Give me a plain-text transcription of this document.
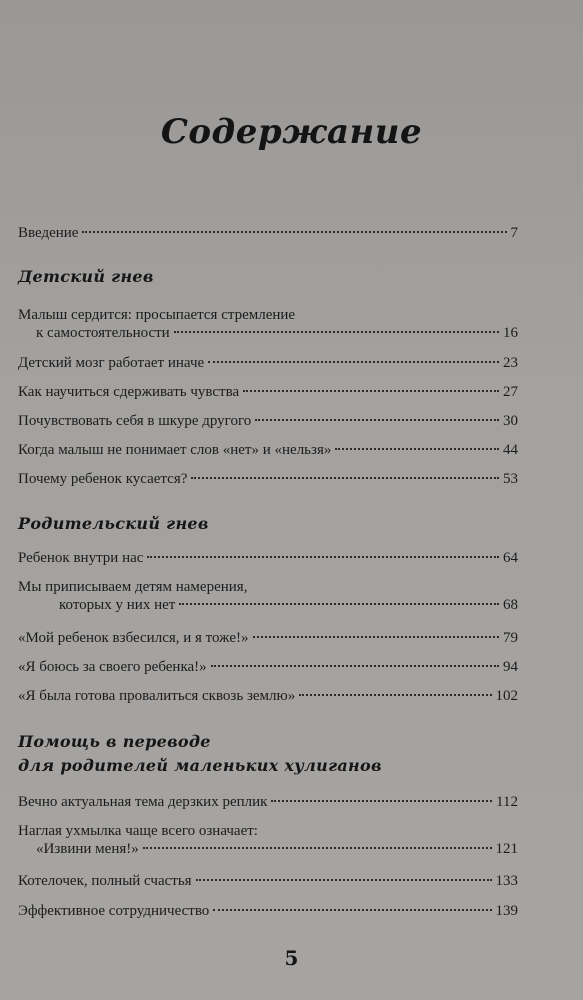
Содержание
Введение	7
Детский гнев
Малыш сердится: просыпается стремление
к самостоятельности	16
Детский мозг работает иначе	23
Как научиться сдерживать чувства	27
Почувствовать себя в шкуре другого	30
Когда малыш не понимает слов «нет» и «нельзя»	44
Почему ребенок кусается?	53
Родительский гнев
Ребенок внутри нас	64
Мы приписываем детям намерения,
которых у них нет	68
«Мой ребенок взбесился, и я тоже!»	79
«Я боюсь за своего ребенка!»	94
«Я была готова провалиться сквозь землю»	102
Помощь в переводе
для родителей маленьких хулиганов
Вечно актуальная тема дерзких реплик	112
Наглая ухмылка чаще всего означает:
«Извини меня!»	121
Котелочек, полный счастья	133
Эффективное сотрудничество	139
5
